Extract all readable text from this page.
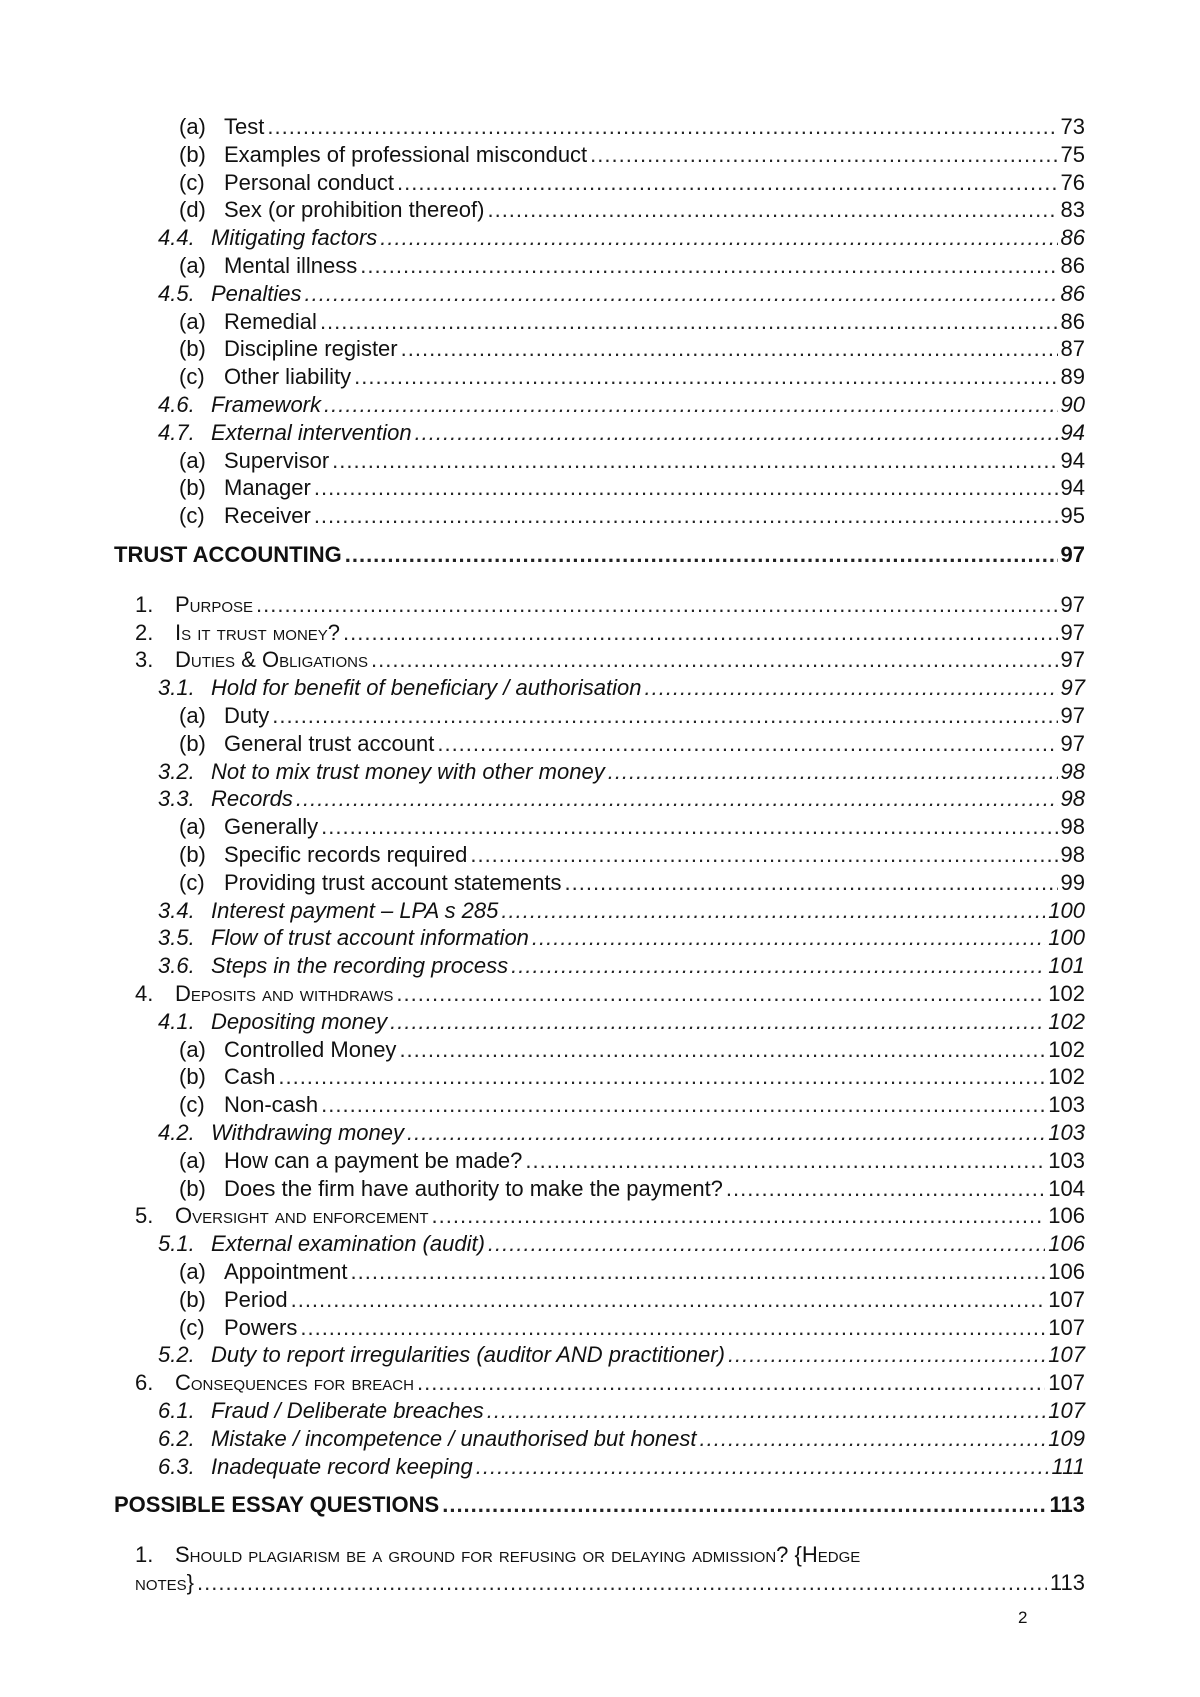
(a) Test .....	73
(b) Examples of professional misconduct .....	75
(c) Personal conduct .....	76
(d) Sex (or prohibition thereof) .....	83
4.4. Mitigating factors .....	86
(a) Mental illness .....	86
4.5. Penalties .....	86
(a) Remedial .....	86
(b) Discipline register .....	87
(c) Other liability .....	89
4.6. Framework .....	90
4.7. External intervention .....	94
(a) Supervisor .....	94
(b) Manager .....	94
(c) Receiver .....	95
TRUST ACCOUNTING .....	97
1. Purpose .....	97
2. Is it trust money? .....	97
3. Duties & Obligations .....	97
3.1. Hold for benefit of beneficiary / authorisation .....	97
(a) Duty .....	97
(b) General trust account .....	97
3.2. Not to mix trust money with other money .....	98
3.3. Records .....	98
(a) Generally .....	98
(b) Specific records required .....	98
(c) Providing trust account statements .....	99
3.4. Interest payment – LPA s 285 .....	100
3.5. Flow of trust account information .....	100
3.6. Steps in the recording process .....	101
4. Deposits and withdraws .....	102
4.1. Depositing money .....	102
(a) Controlled Money .....	102
(b) Cash .....	102
(c) Non-cash .....	103
4.2. Withdrawing money .....	103
(a) How can a payment be made? .....	103
(b) Does the firm have authority to make the payment? .....	104
5. Oversight and enforcement .....	106
5.1. External examination (audit) .....	106
(a) Appointment .....	106
(b) Period .....	107
(c) Powers .....	107
5.2. Duty to report irregularities (auditor AND practitioner) .....	107
6. Consequences for breach .....	107
6.1. Fraud / Deliberate breaches .....	107
6.2. Mistake / incompetence / unauthorised but honest .....	109
6.3. Inadequate record keeping .....	111
POSSIBLE ESSAY QUESTIONS .....	113
1. Should plagiarism be a ground for refusing or delaying admission? {Hedge
notes} .....	113
2
